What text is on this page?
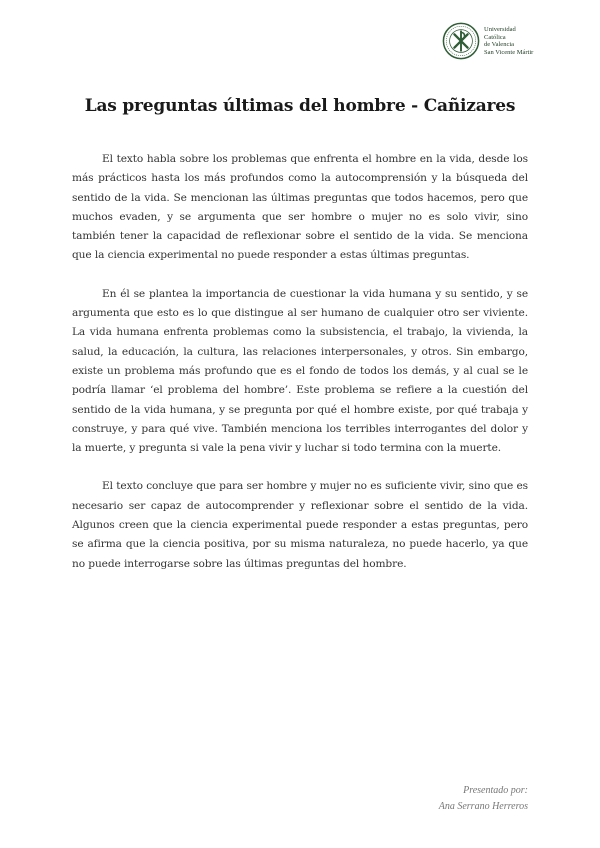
Universidad
Católica
de Valencia
San Vicente Mártir
Las preguntas últimas del hombre - Cañizares

El texto habla sobre los problemas que enfrenta el hombre en la vida, desde los más prácticos hasta los más profundos como la autocomprensión y la búsqueda del sentido de la vida. Se mencionan las últimas preguntas que todos hacemos, pero que muchos evaden, y se argumenta que ser hombre o mujer no es solo vivir, sino también tener la capacidad de reflexionar sobre el sentido de la vida. Se menciona que la ciencia experimental no puede responder a estas últimas preguntas.

En él se plantea la importancia de cuestionar la vida humana y su sentido, y se argumenta que esto es lo que distingue al ser humano de cualquier otro ser viviente. La vida humana enfrenta problemas como la subsistencia, el trabajo, la vivienda, la salud, la educación, la cultura, las relaciones interpersonales, y otros. Sin embargo, existe un problema más profundo que es el fondo de todos los demás, y al cual se le podría llamar ‘el problema del hombre’. Este problema se refiere a la cuestión del sentido de la vida humana, y se pregunta por qué el hombre existe, por qué trabaja y construye, y para qué vive. También menciona los terribles interrogantes del dolor y la muerte, y pregunta si vale la pena vivir y luchar si todo termina con la muerte.

El texto concluye que para ser hombre y mujer no es suficiente vivir, sino que es necesario ser capaz de autocomprender y reflexionar sobre el sentido de la vida. Algunos creen que la ciencia experimental puede responder a estas preguntas, pero se afirma que la ciencia positiva, por su misma naturaleza, no puede hacerlo, ya que no puede interrogarse sobre las últimas preguntas del hombre.

Presentado por:
Ana Serrano Herreros
